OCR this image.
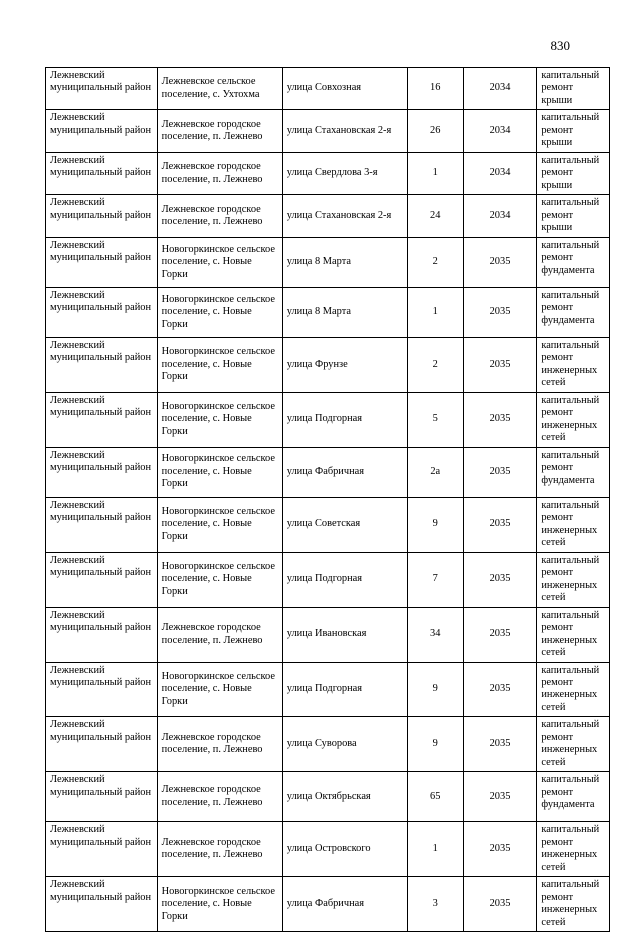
830
Лежневский муниципальный район	Лежневское сельское поселение, с. Ухтохма	улица Совхозная	16	2034	капитальный ремонт крыши
Лежневский муниципальный район	Лежневское городское поселение, п. Лежнево	улица Стахановская 2-я	26	2034	капитальный ремонт крыши
Лежневский муниципальный район	Лежневское городское поселение, п. Лежнево	улица Свердлова 3-я	1	2034	капитальный ремонт крыши
Лежневский муниципальный район	Лежневское городское поселение, п. Лежнево	улица Стахановская 2-я	24	2034	капитальный ремонт крыши
Лежневский муниципальный район	Новогоркинское сельское поселение, с. Новые Горки	улица 8 Марта	2	2035	капитальный ремонт фундамента
Лежневский муниципальный район	Новогоркинское сельское поселение, с. Новые Горки	улица 8 Марта	1	2035	капитальный ремонт фундамента
Лежневский муниципальный район	Новогоркинское сельское поселение, с. Новые Горки	улица Фрунзе	2	2035	капитальный ремонт инженерных сетей
Лежневский муниципальный район	Новогоркинское сельское поселение, с. Новые Горки	улица Подгорная	5	2035	капитальный ремонт инженерных сетей
Лежневский муниципальный район	Новогоркинское сельское поселение, с. Новые Горки	улица Фабричная	2а	2035	капитальный ремонт фундамента
Лежневский муниципальный район	Новогоркинское сельское поселение, с. Новые Горки	улица Советская	9	2035	капитальный ремонт инженерных сетей
Лежневский муниципальный район	Новогоркинское сельское поселение, с. Новые Горки	улица Подгорная	7	2035	капитальный ремонт инженерных сетей
Лежневский муниципальный район	Лежневское городское поселение, п. Лежнево	улица Ивановская	34	2035	капитальный ремонт инженерных сетей
Лежневский муниципальный район	Новогоркинское сельское поселение, с. Новые Горки	улица Подгорная	9	2035	капитальный ремонт инженерных сетей
Лежневский муниципальный район	Лежневское городское поселение, п. Лежнево	улица Суворова	9	2035	капитальный ремонт инженерных сетей
Лежневский муниципальный район	Лежневское городское поселение, п. Лежнево	улица Октябрьская	65	2035	капитальный ремонт фундамента
Лежневский муниципальный район	Лежневское городское поселение, п. Лежнево	улица Островского	1	2035	капитальный ремонт инженерных сетей
Лежневский муниципальный район	Новогоркинское сельское поселение, с. Новые Горки	улица Фабричная	3	2035	капитальный ремонт инженерных сетей
